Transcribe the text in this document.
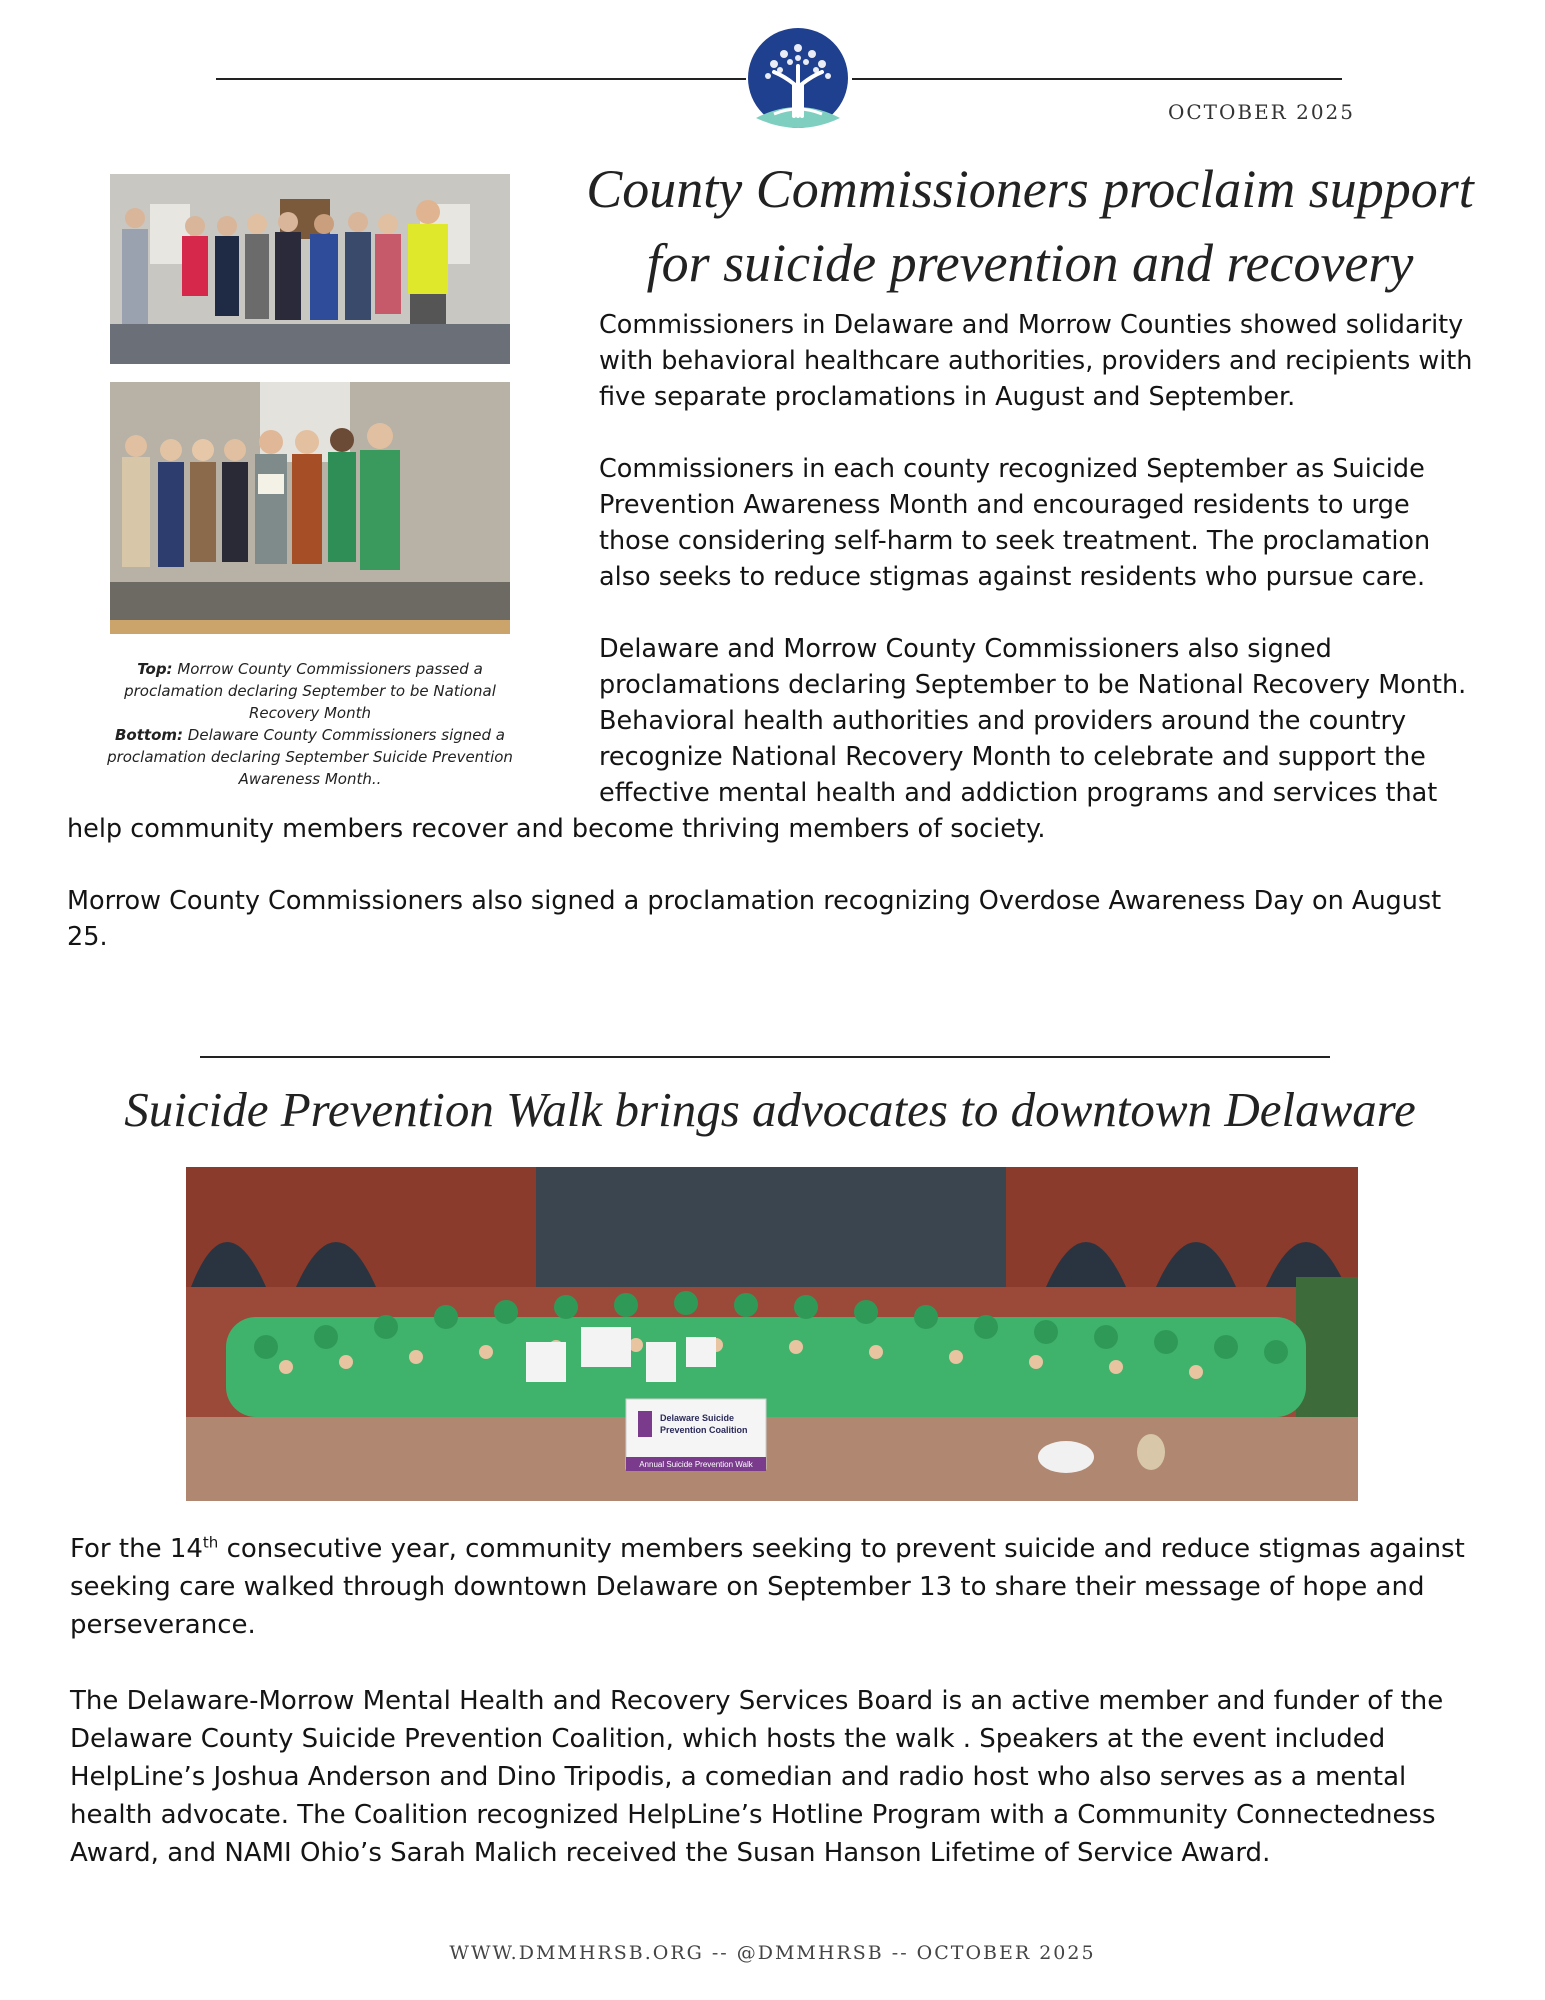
OCTOBER 2025
County Commissioners proclaim support
for suicide prevention and recovery
Top: Morrow County Commissioners passed a proclamation declaring September to be National Recovery Month
Bottom: Delaware County Commissioners signed a proclamation declaring September Suicide Prevention Awareness Month..

Commissioners in Delaware and Morrow Counties showed solidarity with behavioral healthcare authorities, providers and recipients with five separate proclamations in August and September.

Commissioners in each county recognized September as Suicide Prevention Awareness Month and encouraged residents to urge those considering self-harm to seek treatment. The proclamation also seeks to reduce stigmas against residents who pursue care.

Delaware and Morrow County Commissioners also signed proclamations declaring September to be National Recovery Month. Behavioral health authorities and providers around the country recognize National Recovery Month to celebrate and support the effective mental health and addiction programs and services that help community members recover and become thriving members of society.

Morrow County Commissioners also signed a proclamation recognizing Overdose Awareness Day on August 25.

Suicide Prevention Walk brings advocates to downtown Delaware
Delaware Suicide
Prevention Coalition
Annual Suicide Prevention Walk

For the 14th consecutive year, community members seeking to prevent suicide and reduce stigmas against seeking care walked through downtown Delaware on September 13 to share their message of hope and perseverance.

The Delaware-Morrow Mental Health and Recovery Services Board is an active member and funder of the Delaware County Suicide Prevention Coalition, which hosts the walk . Speakers at the event included HelpLine’s Joshua Anderson and Dino Tripodis, a comedian and radio host who also serves as a mental health advocate. The Coalition recognized HelpLine’s Hotline Program with a Community Connectedness Award, and NAMI Ohio’s Sarah Malich received the Susan Hanson Lifetime of Service Award.

WWW.DMMHRSB.ORG -- @DMMHRSB -- OCTOBER 2025
